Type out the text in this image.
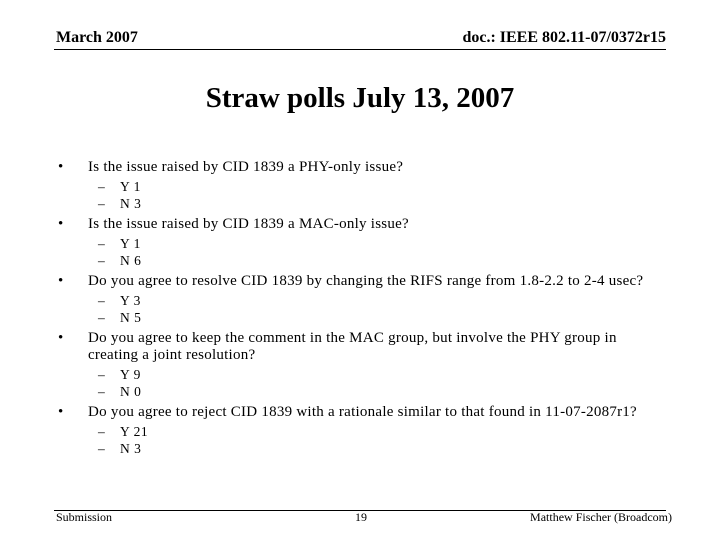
March 2007	doc.: IEEE 802.11-07/0372r15
Straw polls July 13, 2007
• Is the issue raised by CID 1839 a PHY-only issue?
– Y 1
– N 3
• Is the issue raised by CID 1839 a MAC-only issue?
– Y 1
– N 6
• Do you agree to resolve CID 1839 by changing the RIFS range from 1.8-2.2 to 2-4 usec?
– Y 3
– N 5
• Do you agree to keep the comment in the MAC group, but involve the PHY group in creating a joint resolution?
– Y 9
– N 0
• Do you agree to reject CID 1839 with a rationale similar to that found in 11-07-2087r1?
– Y 21
– N 3
Submission	19	Matthew Fischer (Broadcom)
